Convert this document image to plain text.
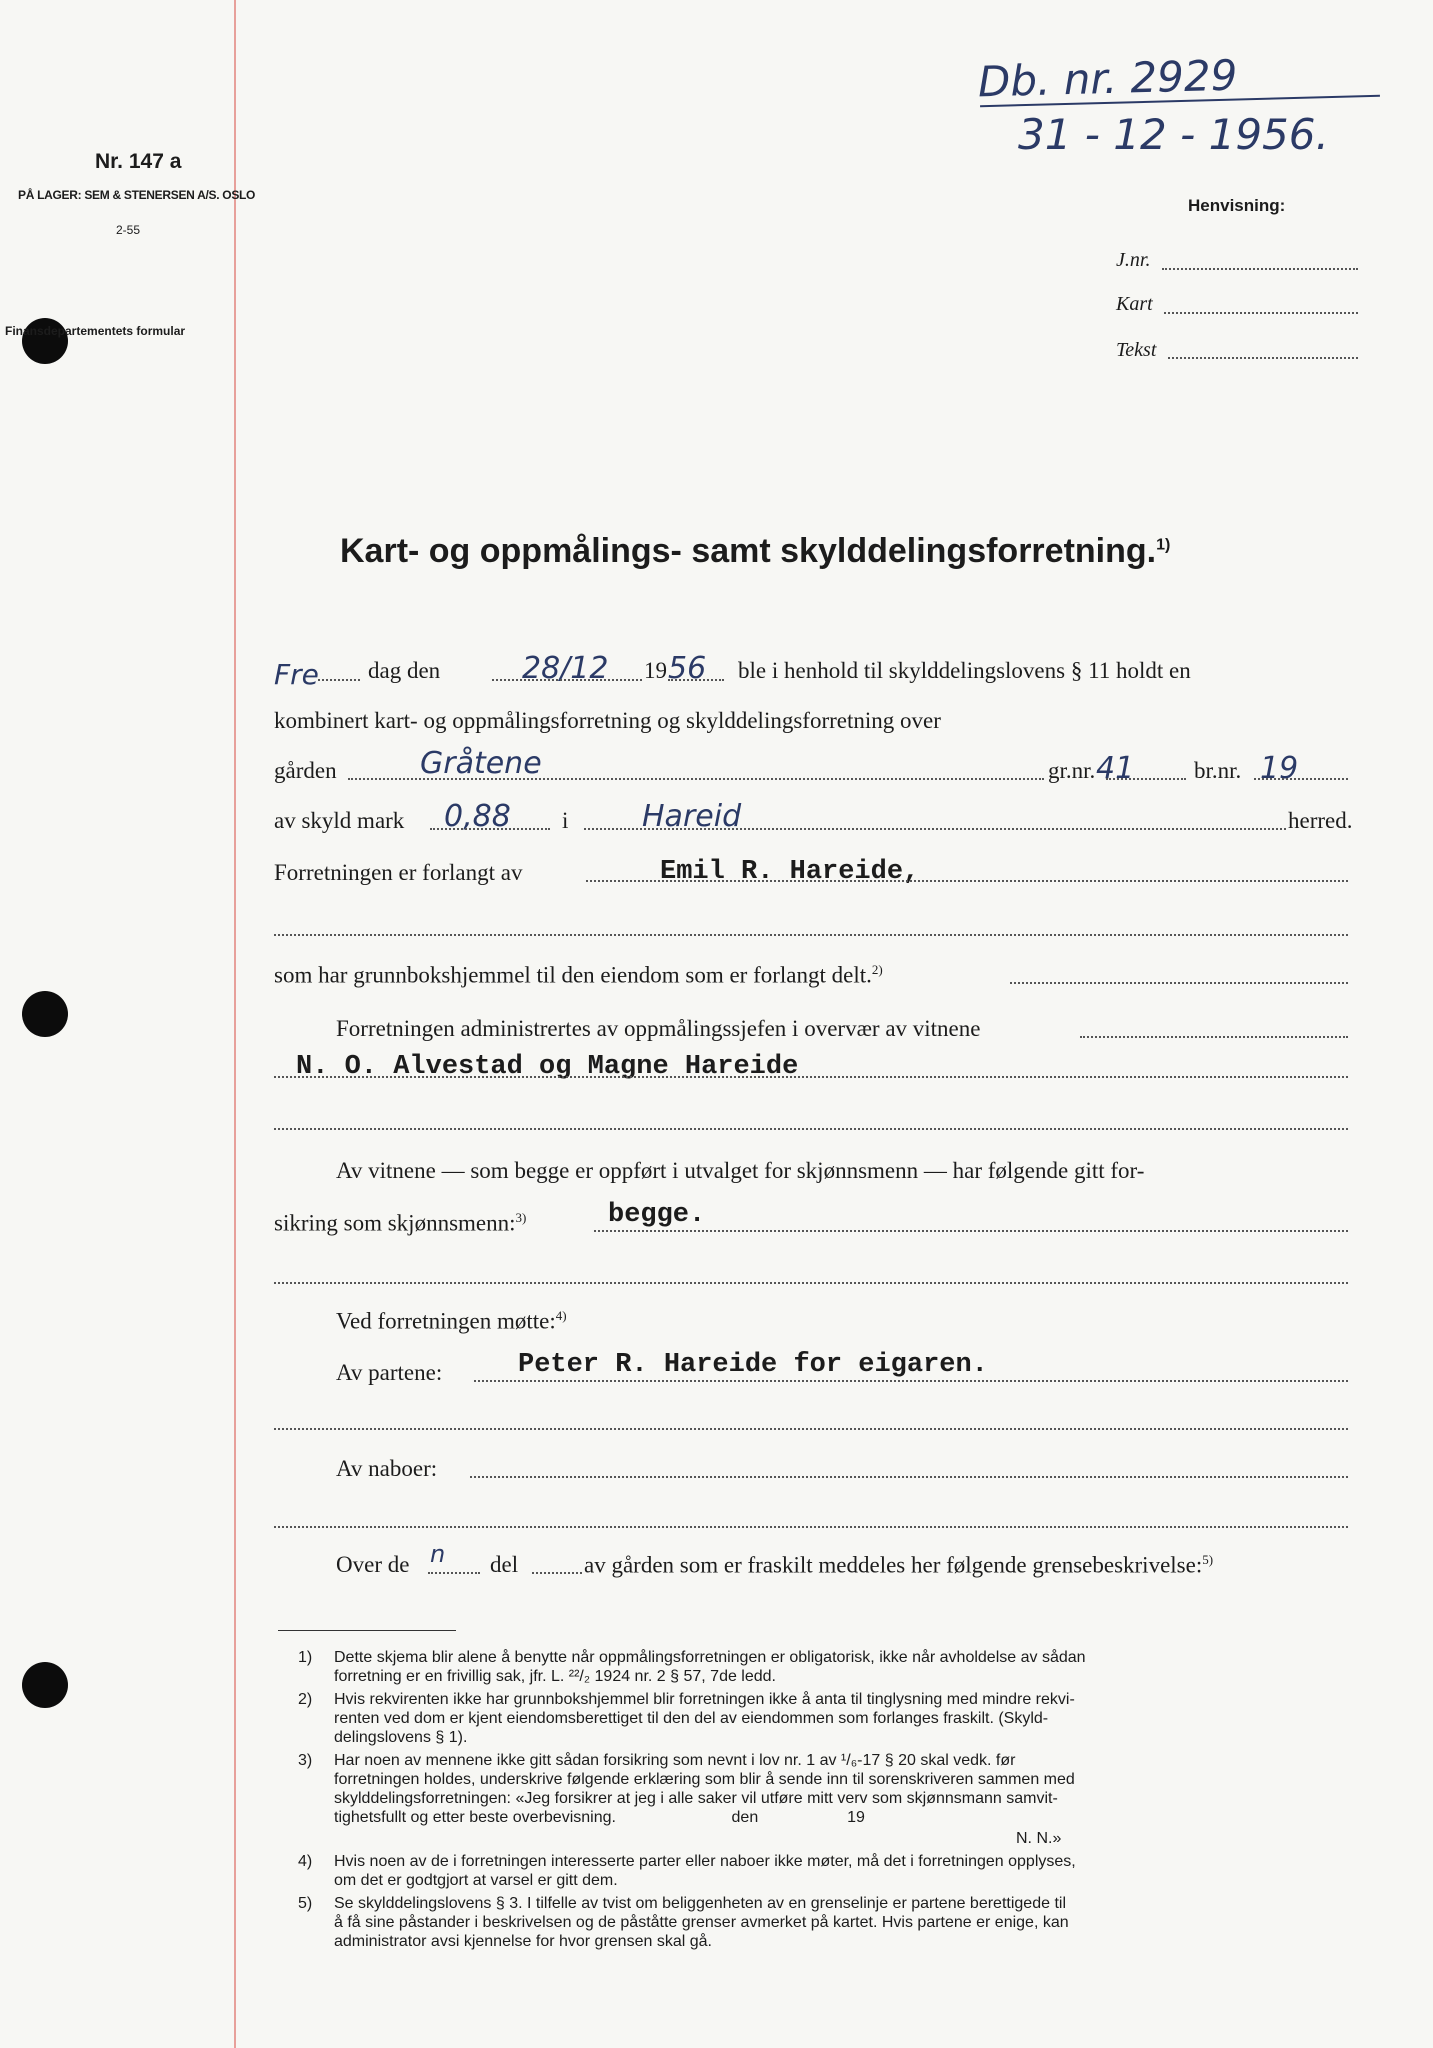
Nr. 147 a
PÅ LAGER: SEM & STENERSEN A/S. OSLO
2-55
Finansdepartementets formular
Db. nr. 2929
31 - 12 - 1956.
Henvisning:
J.nr.
Kart
Tekst
Kart- og oppmålings- samt skylddelingsforretning.$^{1)}$
Fre dag den	28/12 19 56 ble i henhold til skylddelingslovens § 11 holdt en
kombinert kart- og oppmålingsforretning og skylddelingsforretning over
gården	Gråtene	gr.nr. 41	br.nr. 19
av skyld mark 0,88 i Hareid	herred.
Forretningen er forlangt av	Emil R. Hareide,
som har grunnbokshjemmel til den eiendom som er forlangt delt.$^{2)}$
Forretningen administrertes av oppmålingssjefen i overvær av vitnene
N. O. Alvestad og Magne Hareide
Av vitnene — som begge er oppført i utvalget for skjønnsmenn — har følgende gitt for-
sikring som skjønnsmenn:$^{3)}$	begge.
Ved forretningen møtte:$^{4)}$
Av partene:	Peter R. Hareide for eigaren.
Av naboer:
Over de n del	av gården som er fraskilt meddeles her følgende grensebeskrivelse:$^{5)}$
1) Dette skjema blir alene å benytte når oppmålingsforretningen er obligatorisk, ikke når avholdelse av sådan
forretning er en frivillig sak, jfr. L. ²²/₂ 1924 nr. 2 § 57, 7de ledd.
2) Hvis rekvirenten ikke har grunnbokshjemmel blir forretningen ikke å anta til tinglysning med mindre rekvi-
renten ved dom er kjent eiendomsberettiget til den del av eiendommen som forlanges fraskilt. (Skyld-
delingslovens § 1).
3) Har noen av mennene ikke gitt sådan forsikring som nevnt i lov nr. 1 av ¹/₆-17 § 20 skal vedk. før
forretningen holdes, underskrive følgende erklæring som blir å sende inn til sorenskriveren sammen med
skylddelingsforretningen: «Jeg forsikrer at jeg i alle saker vil utføre mitt verv som skjønnsmann samvit-
tighetsfullt og etter beste overbevisning.                          den                    19
N. N.»
4) Hvis noen av de i forretningen interesserte parter eller naboer ikke møter, må det i forretningen opplyses,
om det er godtgjort at varsel er gitt dem.
5) Se skylddelingslovens § 3. I tilfelle av tvist om beliggenheten av en grenselinje er partene berettigede til
å få sine påstander i beskrivelsen og de påståtte grenser avmerket på kartet. Hvis partene er enige, kan
administrator avsi kjennelse for hvor grensen skal gå.
